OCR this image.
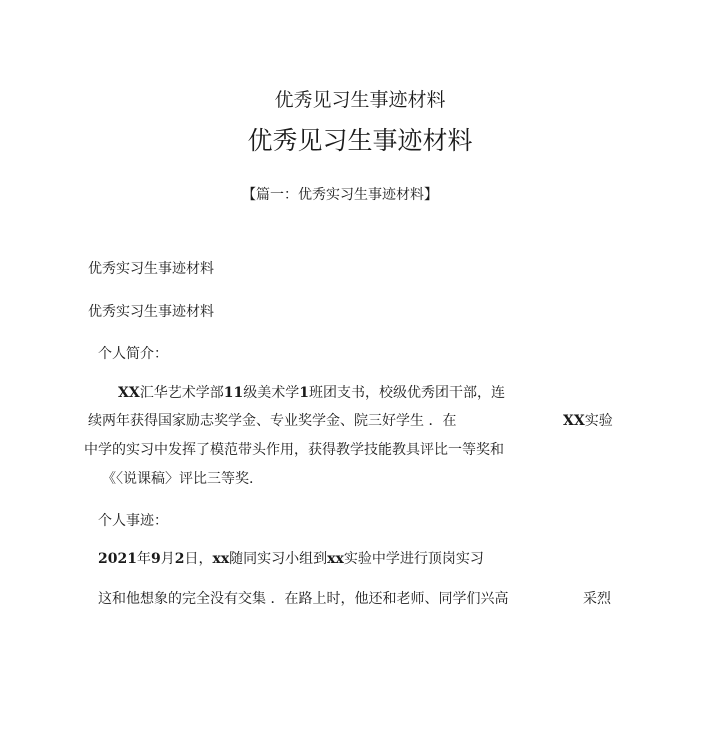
优秀见习生事迹材料
优秀见习生事迹材料
【篇一：优秀实习生事迹材料】
优秀实习生事迹材料
优秀实习生事迹材料
个人简介：
XX汇华艺术学部11级美术学1班团支书，校级优秀团干部，连
续两年获得国家励志奖学金、专业奖学金、院三好学生 ．在	XX实验
中学的实习中发挥了模范带头作用，获得教学技能教具评比一等奖和
《〈说课稿〉评比三等奖.
个人事迹：
2021年9月2日，xx随同实习小组到xx实验中学进行顶岗实习
这和他想象的完全没有交集 ．在路上时，他还和老师、同学们兴高	采烈
